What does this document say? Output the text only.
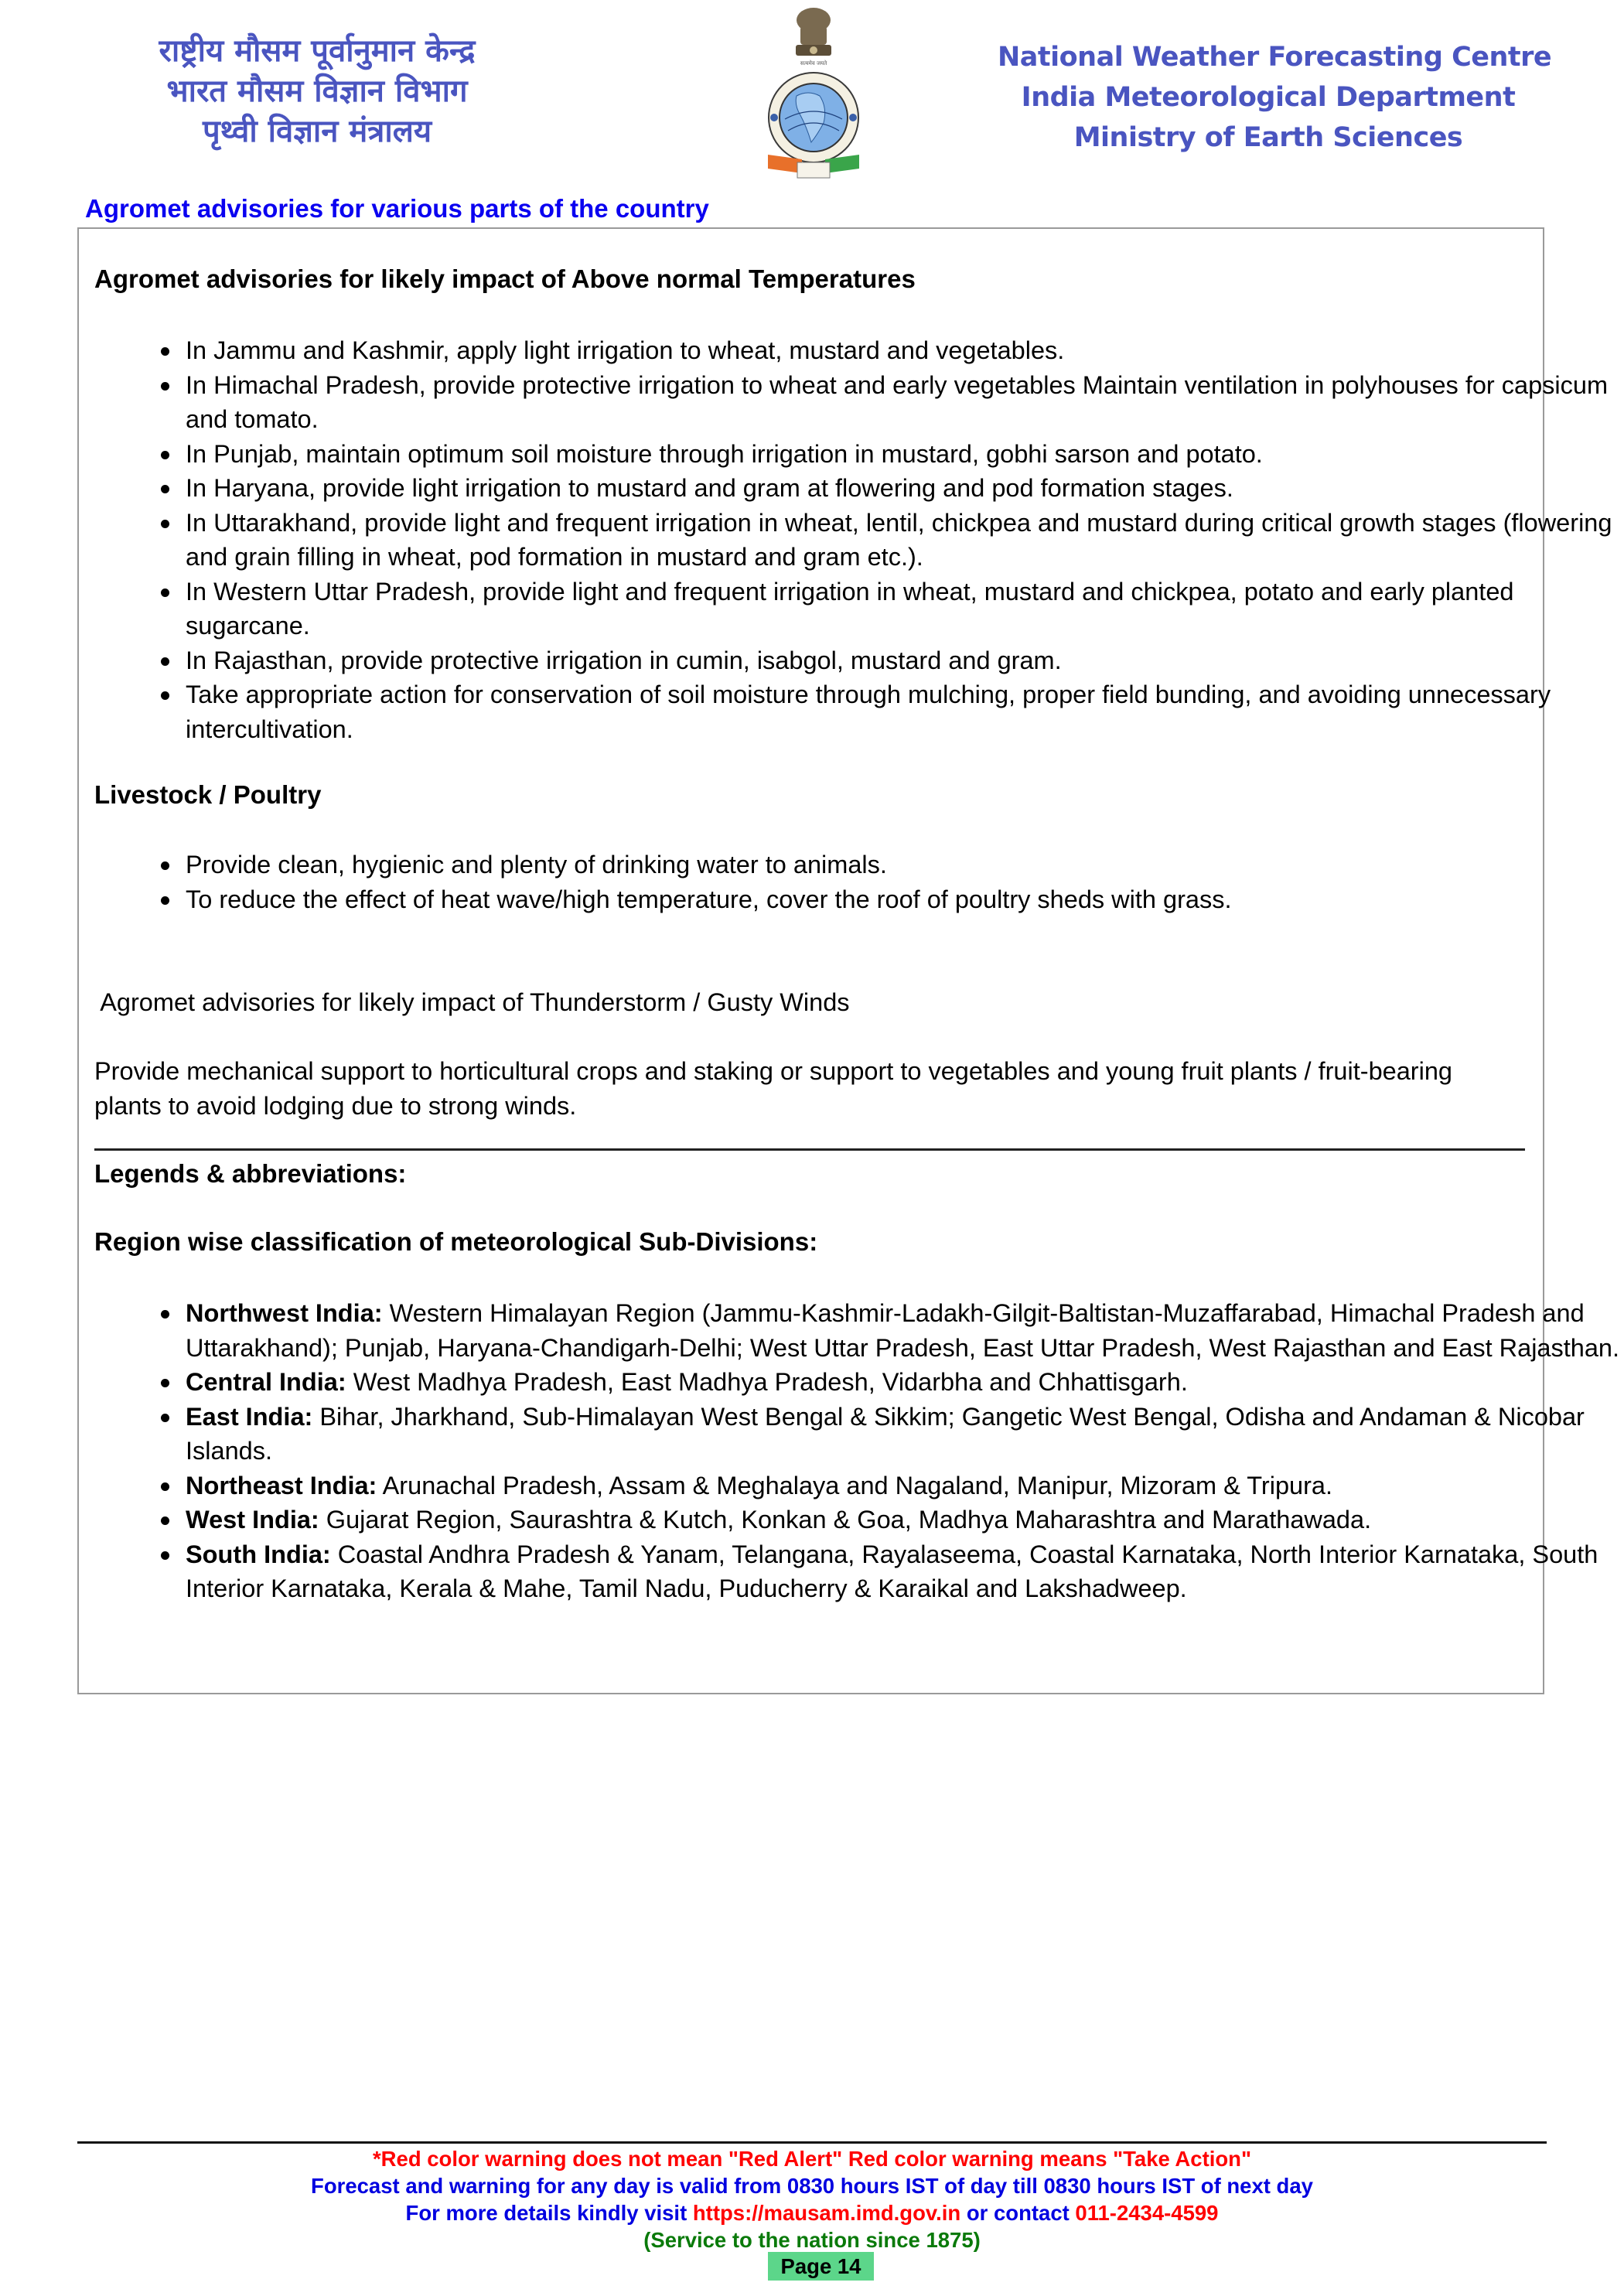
राष्ट्रीय मौसम पूर्वानुमान केन्द्र
भारत मौसम विज्ञान विभाग
पृथ्वी विज्ञान मंत्रालय
सत्यमेव जयते	National Weather Forecasting Centre
India Meteorological Department
Ministry of Earth Sciences
Agromet advisories for various parts of the country
Agromet advisories for likely impact of Above normal Temperatures
In Jammu and Kashmir, apply light irrigation to wheat, mustard and vegetables.
In Himachal Pradesh, provide protective irrigation to wheat and early vegetables Maintain ventilation in polyhouses for capsicum and tomato.
In Punjab, maintain optimum soil moisture through irrigation in mustard, gobhi sarson and potato.
In Haryana, provide light irrigation to mustard and gram at flowering and pod formation stages.
In Uttarakhand, provide light and frequent irrigation in wheat, lentil, chickpea and mustard during critical growth stages (flowering and grain filling in wheat, pod formation in mustard and gram etc.).
In Western Uttar Pradesh, provide light and frequent irrigation in wheat, mustard and chickpea, potato and early planted sugarcane.
In Rajasthan, provide protective irrigation in cumin, isabgol, mustard and gram.
Take appropriate action for conservation of soil moisture through mulching, proper field bunding, and avoiding unnecessary intercultivation.
Livestock / Poultry
Provide clean, hygienic and plenty of drinking water to animals.
To reduce the effect of heat wave/high temperature, cover the roof of poultry sheds with grass.

Agromet advisories for likely impact of Thunderstorm / Gusty Winds

Provide mechanical support to horticultural crops and staking or support to vegetables and young fruit plants / fruit-bearing plants to avoid lodging due to strong winds.

Legends & abbreviations:
Region wise classification of meteorological Sub-Divisions:
Northwest India: Western Himalayan Region (Jammu-Kashmir-Ladakh-Gilgit-Baltistan-Muzaffarabad, Himachal Pradesh and Uttarakhand); Punjab, Haryana-Chandigarh-Delhi; West Uttar Pradesh, East Uttar Pradesh, West Rajasthan and East Rajasthan.
Central India: West Madhya Pradesh, East Madhya Pradesh, Vidarbha and Chhattisgarh.
East India: Bihar, Jharkhand, Sub-Himalayan West Bengal & Sikkim; Gangetic West Bengal, Odisha and Andaman & Nicobar Islands.
Northeast India: Arunachal Pradesh, Assam & Meghalaya and Nagaland, Manipur, Mizoram & Tripura.
West India: Gujarat Region, Saurashtra & Kutch, Konkan & Goa, Madhya Maharashtra and Marathawada.
South India: Coastal Andhra Pradesh & Yanam, Telangana, Rayalaseema, Coastal Karnataka, North Interior Karnataka, South Interior Karnataka, Kerala & Mahe, Tamil Nadu, Puducherry & Karaikal and Lakshadweep.
*Red color warning does not mean "Red Alert" Red color warning means "Take Action"
Forecast and warning for any day is valid from 0830 hours IST of day till 0830 hours IST of next day
For more details kindly visit https://mausam.imd.gov.in or contact 011-2434-4599
(Service to the nation since 1875)
Page 14
